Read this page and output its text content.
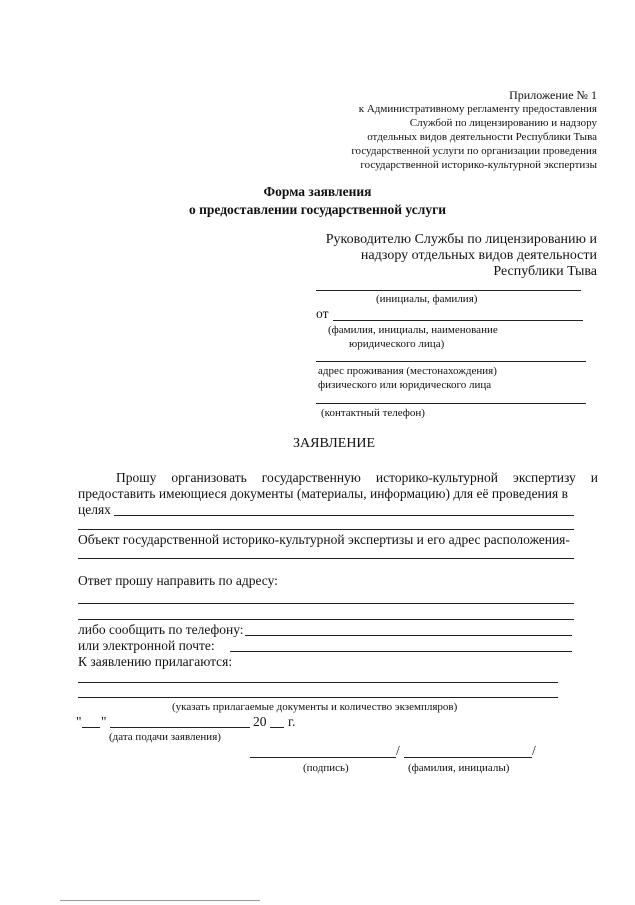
Приложение № 1
к Административному регламенту предоставления
Службой по лицензированию и надзору
отдельных видов деятельности Республики Тыва
государственной услуги по организации проведения
государственной историко-культурной экспертизы
Форма заявления
о предоставлении государственной услуги
Руководителю Службы по лицензированию и
надзору отдельных видов деятельности
Республики Тыва
(инициалы, фамилия)
от
(фамилия, инициалы, наименование
юридического лица)
адрес проживания (местонахождения)
физического или юридического лица
(контактный телефон)
ЗАЯВЛЕНИЕ
Прошу   организовать   государственную   историко-культурной   экспертизу   и
предоставить имеющиеся документы (материалы, информацию) для её проведения в
целях
Объект государственной историко-культурной экспертизы и его адрес расположения-
Ответ прошу направить по адресу:
либо сообщить по телефону:
или электронной почте:
К заявлению прилагаются:
(указать прилагаемые документы и количество экземпляров)
" "	20 г.
(дата подачи заявления)
/	/
(подпись)	(фамилия, инициалы)
